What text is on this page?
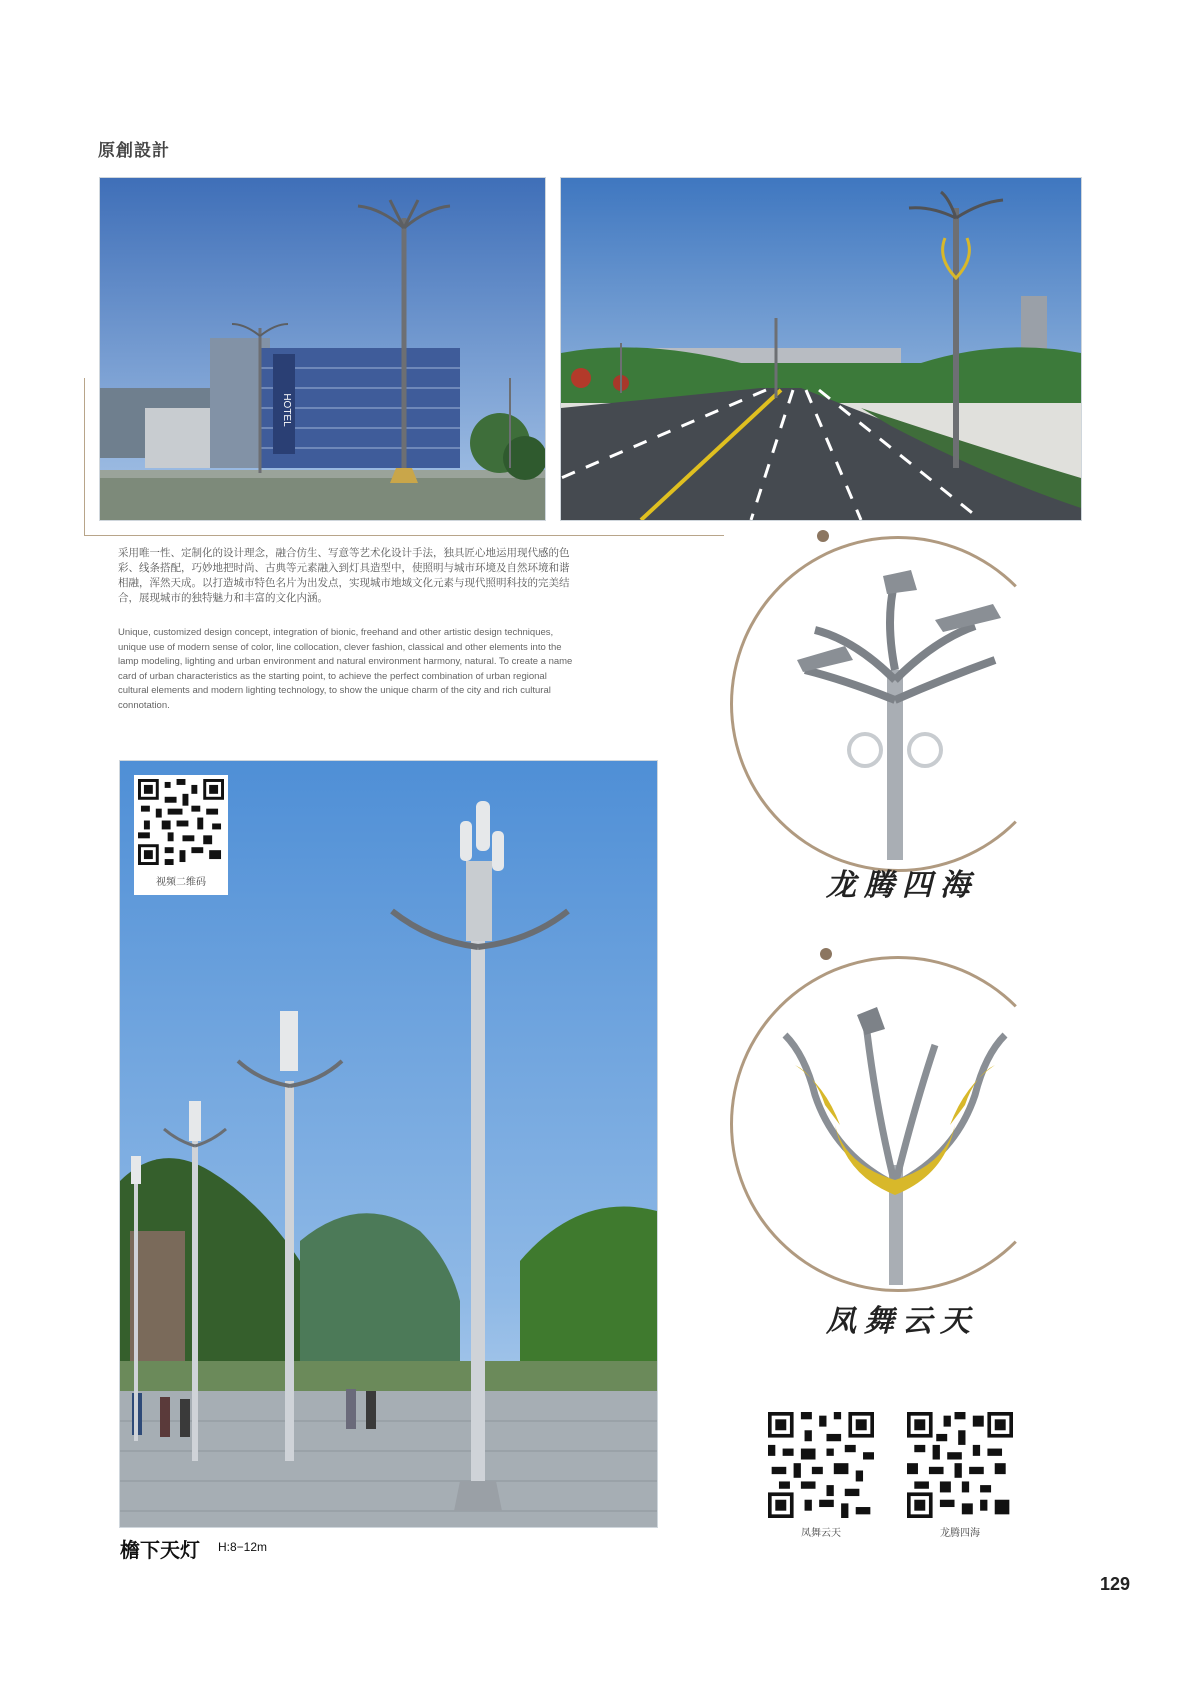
原創設計
HOTEL
采用唯一性、定制化的设计理念，融合仿生、写意等艺术化设计手法，独具匠心地运用现代感的色彩、线条搭配，巧妙地把时尚、古典等元素融入到灯具造型中，使照明与城市环境及自然环境和谐相融，浑然天成。以打造城市特色名片为出发点，实现城市地域文化元素与现代照明科技的完美结合，展现城市的独特魅力和丰富的文化内涵。
Unique, customized design concept, integration of bionic, freehand and other artistic design techniques, unique use of modern sense of color, line collocation, clever fashion, classical and other elements into the lamp modeling, lighting and urban environment and natural environment harmony, natural. To create a name card of urban characteristics as the starting point, to achieve the perfect combination of urban regional cultural elements and modern lighting technology, to show the unique charm of the city and rich cultural connotation.
视频二维码	龙腾四海
凤舞云天
凤舞云天	龙腾四海
檐下天灯 H:8−12m
129
